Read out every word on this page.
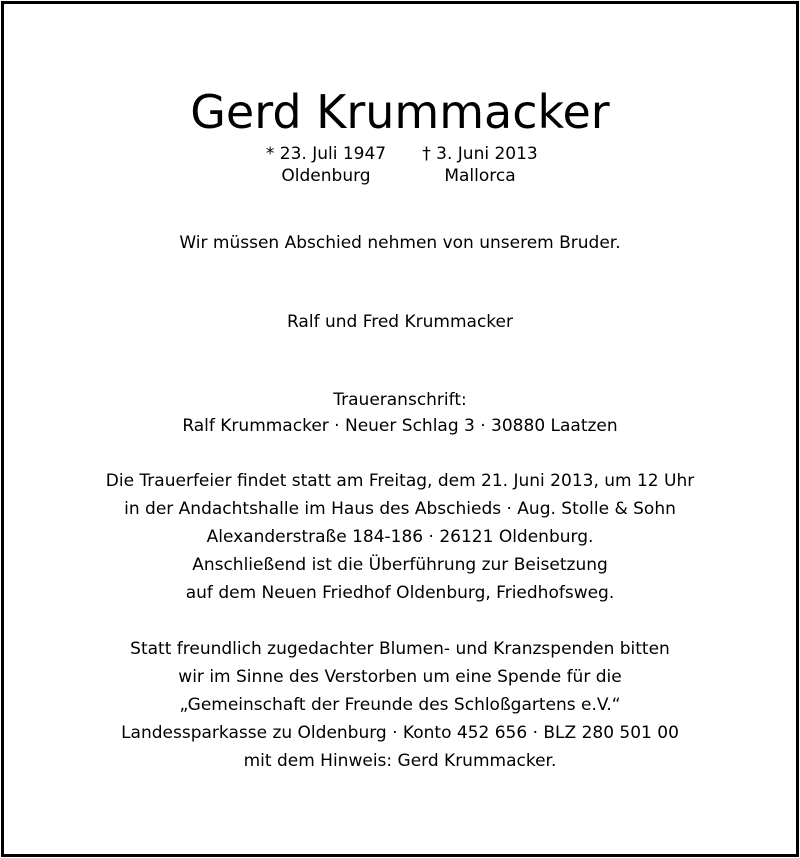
Gerd Krummacker
* 23. Juli 1947
Oldenburg
† 3. Juni 2013
Mallorca
Wir müssen Abschied nehmen von unserem Bruder.
Ralf und Fred Krummacker
Traueranschrift:
Ralf Krummacker · Neuer Schlag 3 · 30880 Laatzen
Die Trauerfeier findet statt am Freitag, dem 21. Juni 2013, um 12 Uhr
in der Andachtshalle im Haus des Abschieds · Aug. Stolle & Sohn
Alexanderstraße 184-186 · 26121 Oldenburg.
Anschließend ist die Überführung zur Beisetzung
auf dem Neuen Friedhof Oldenburg, Friedhofsweg.
Statt freundlich zugedachter Blumen- und Kranzspenden bitten
wir im Sinne des Verstorben um eine Spende für die
„Gemeinschaft der Freunde des Schloßgartens e.V.“
Landessparkasse zu Oldenburg · Konto 452 656 · BLZ 280 501 00
mit dem Hinweis: Gerd Krummacker.
